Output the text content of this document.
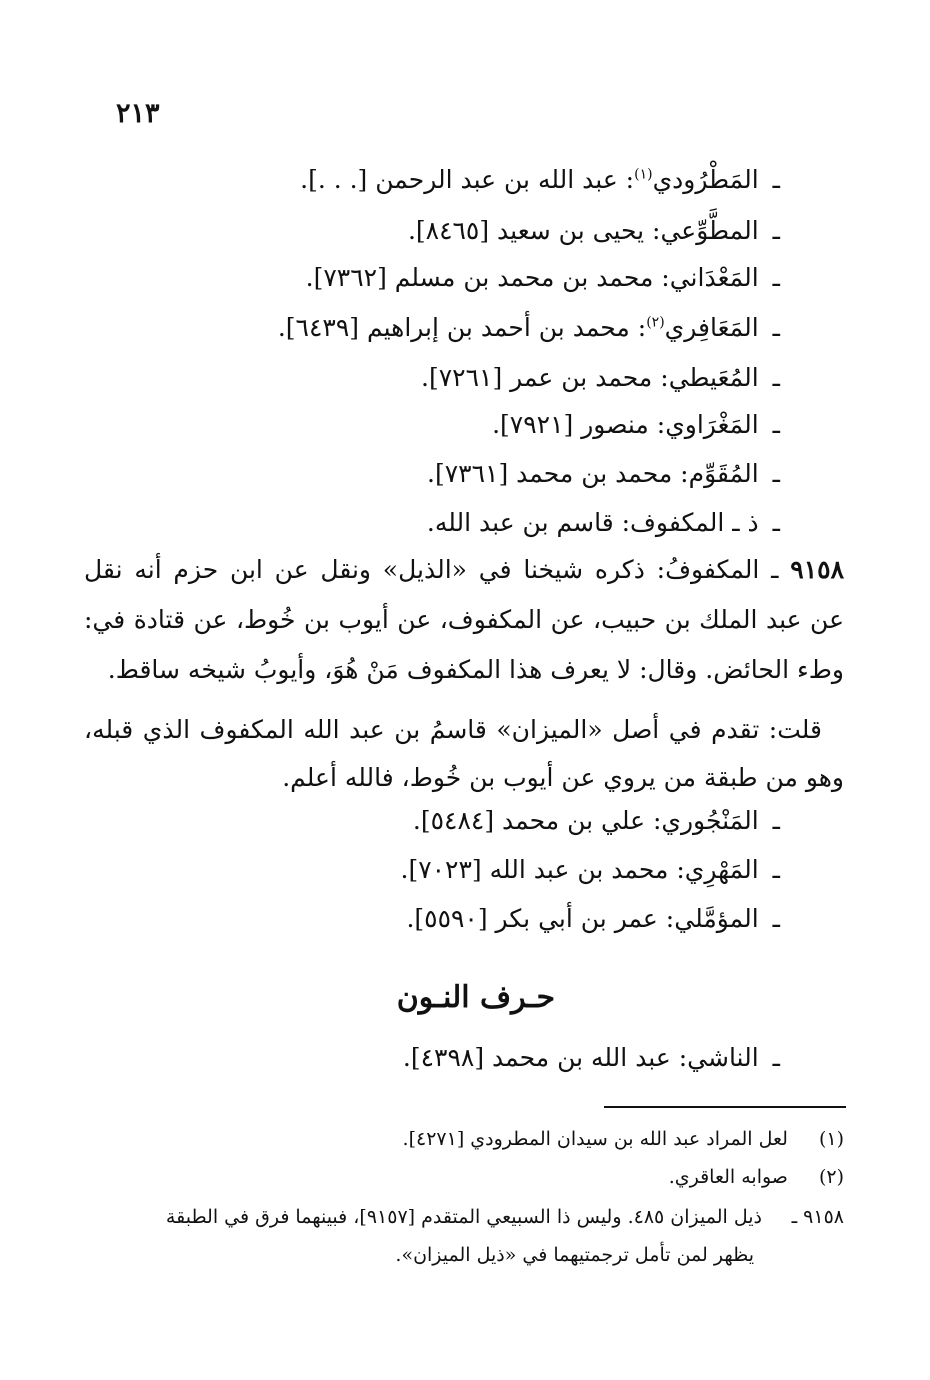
٢١٣
ـالمَطْرُودي$^{(١)}$: عبد الله بن عبد الرحمن [. . .].
ـالمطَّوِّعي: يحيى بن سعيد [٨٤٦٥].
ـالمَعْدَاني: محمد بن محمد بن مسلم [٧٣٦٢].
ـالمَعَافِري$^{(٢)}$: محمد بن أحمد بن إبراهيم [٦٤٣٩].
ـالمُعَيطي: محمد بن عمر [٧٢٦١].
ـالمَغْرَاوي: منصور [٧٩٢١].
ـالمُقَوِّم: محمد بن محمد [٧٣٦١].
ـذ ـ المكفوف: قاسم بن عبد الله.
٩١٥٨ ـ المكفوفُ: ذكره شيخنا في «الذيل» ونقل عن ابن حزم أنه نقل
عن عبد الملك بن حبيب، عن المكفوف، عن أيوب بن خُوط، عن قتادة في:
وطء الحائض. وقال: لا يعرف هذا المكفوف مَنْ هُوَ، وأيوبُ شيخه ساقط.
قلت: تقدم في أصل «الميزان» قاسمُ بن عبد الله المكفوف الذي قبله،
وهو من طبقة من يروي عن أيوب بن خُوط، فالله أعلم.
ـالمَنْجُوري: علي بن محمد [٥٤٨٤].
ـالمَهْرِي: محمد بن عبد الله [٧٠٢٣].
ـالمؤمَّلي: عمر بن أبي بكر [٥٥٩٠].
حـرف النـون
ـالناشي: عبد الله بن محمد [٤٣٩٨].
(١) لعل المراد عبد الله بن سيدان المطرودي [٤٢٧١].
(٢) صوابه العاقري.
٩١٥٨ ـ ذيل الميزان ٤٨٥. وليس ذا السبيعي المتقدم [٩١٥٧]، فبينهما فرق في الطبقة
يظهر لمن تأمل ترجمتيهما في «ذيل الميزان».
